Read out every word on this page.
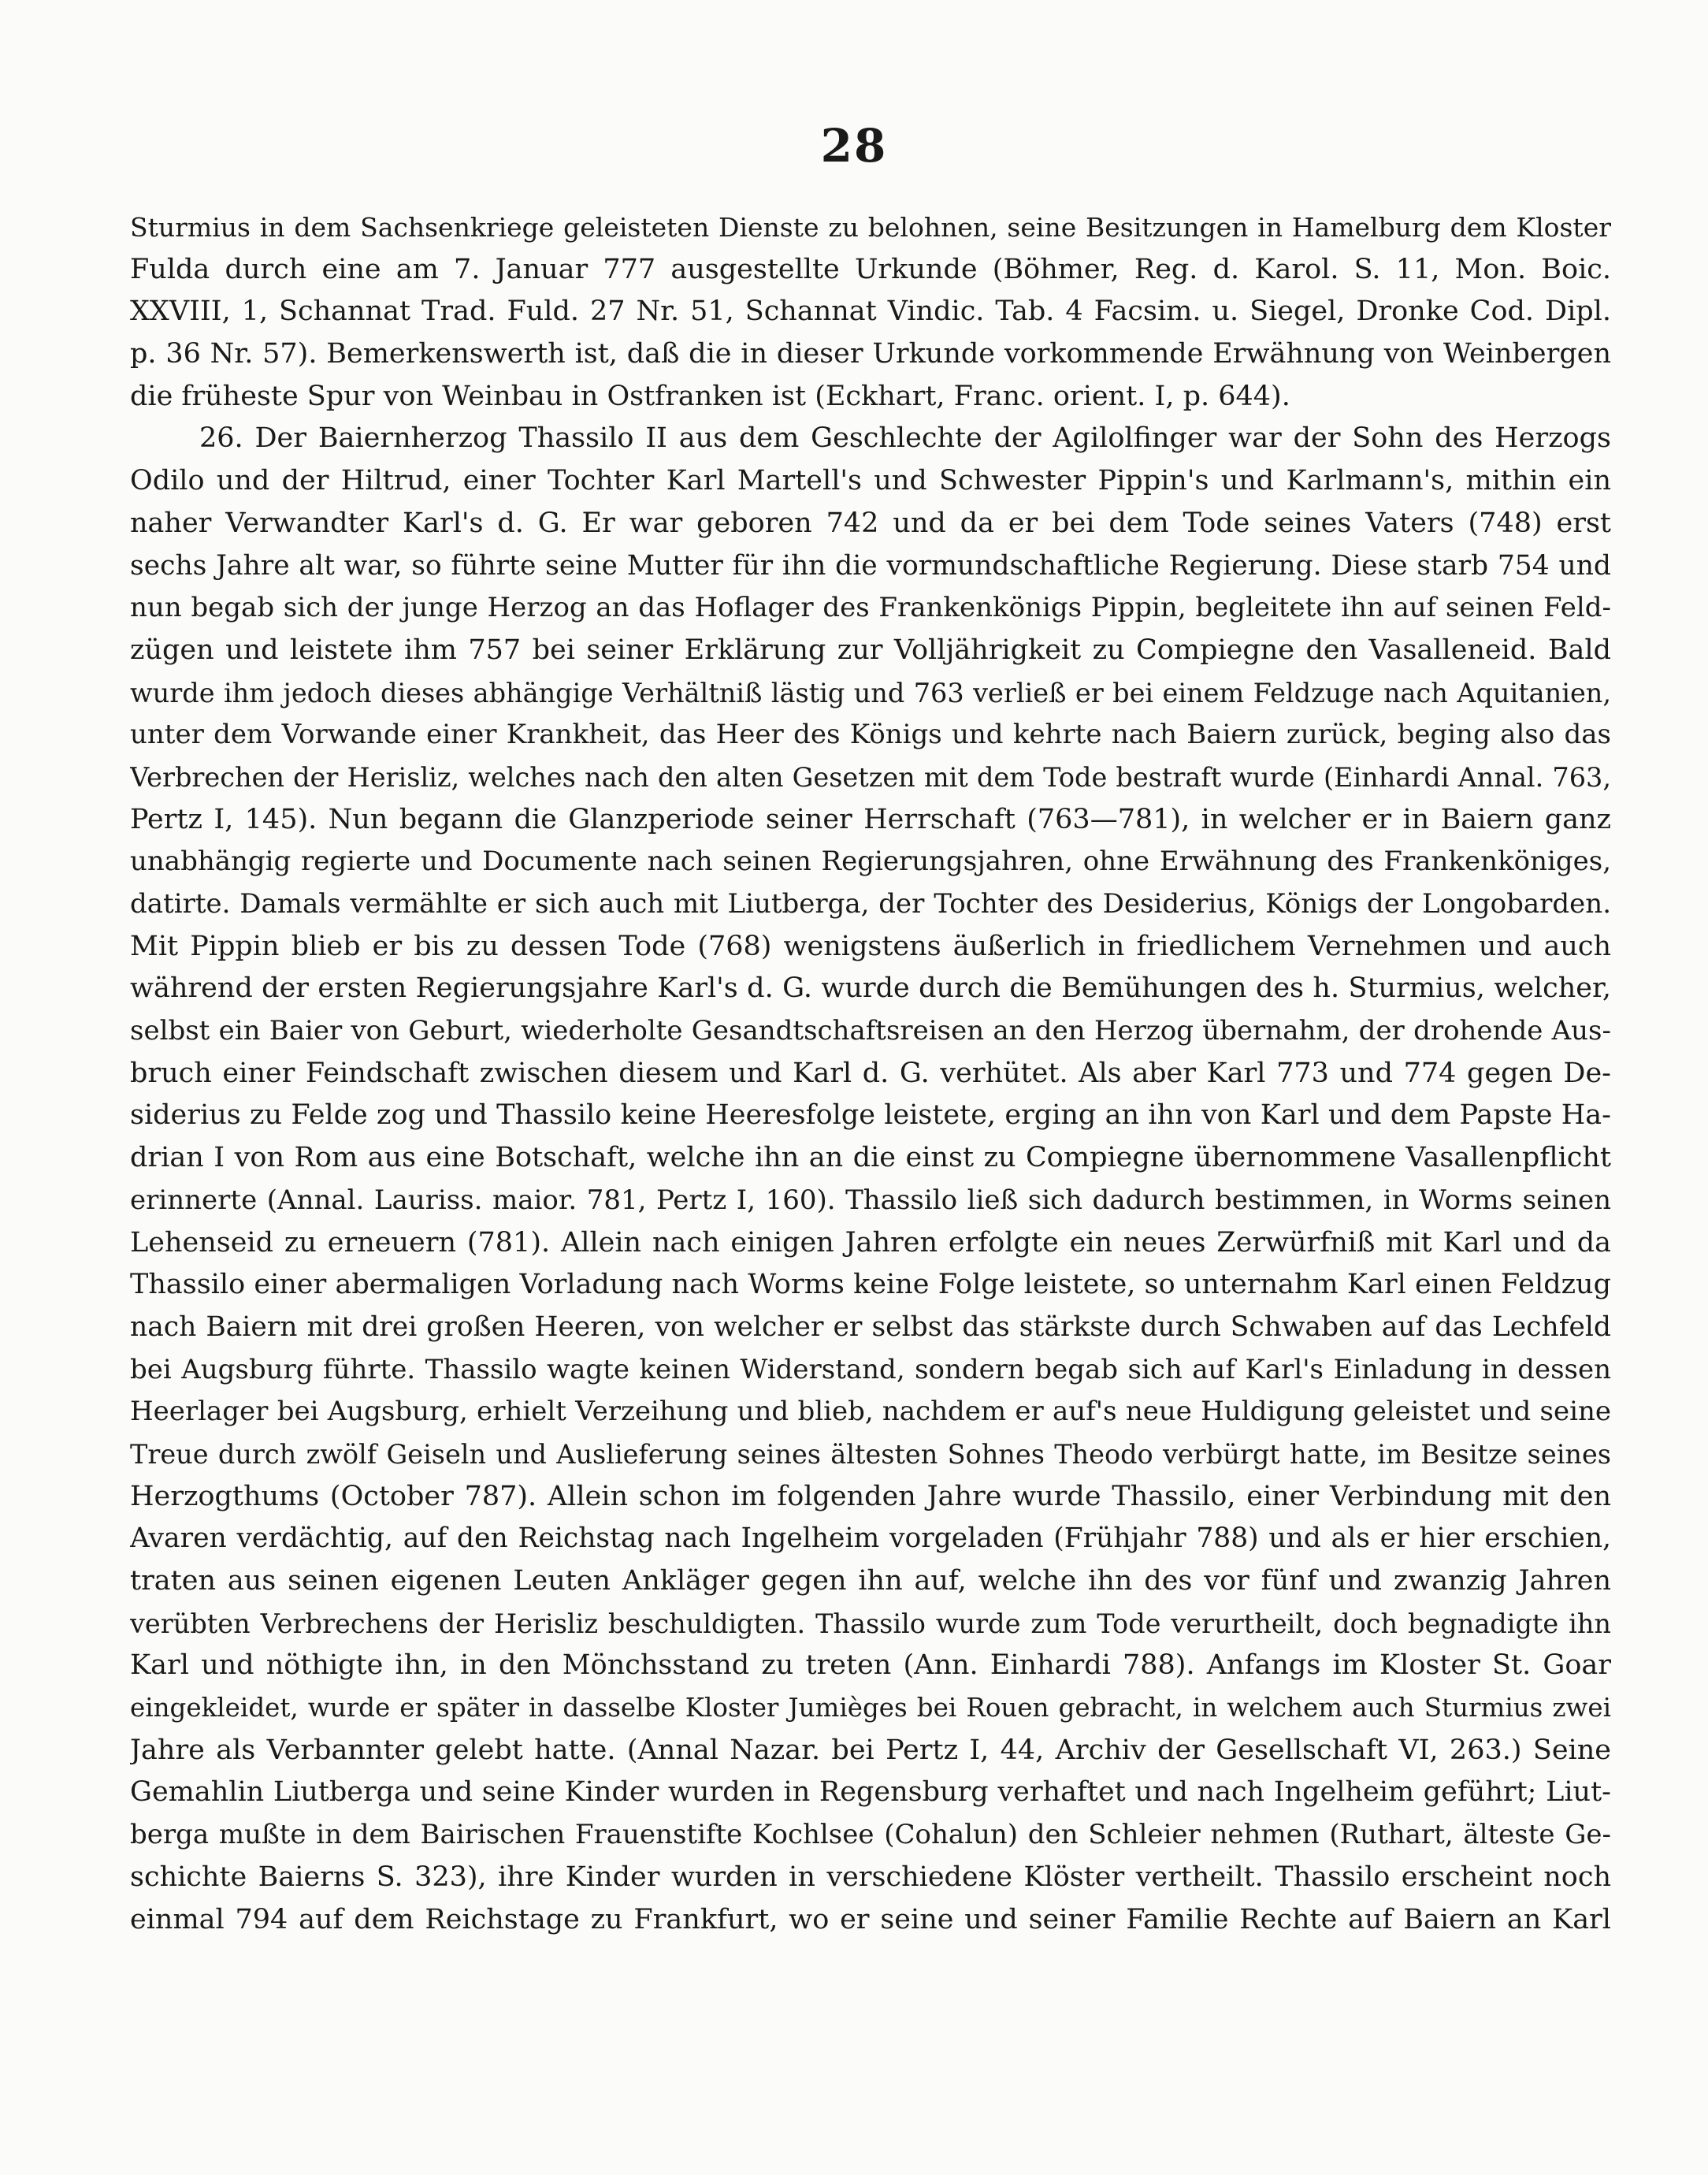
28
Sturmius in dem Sachsenkriege geleisteten Dienste zu belohnen, seine Besitzungen in Hamelburg dem Kloster
Fulda durch eine am 7. Januar 777 ausgestellte Urkunde (Böhmer, Reg. d. Karol. S. 11, Mon. Boic.
XXVIII, 1, Schannat Trad. Fuld. 27 Nr. 51, Schannat Vindic. Tab. 4 Facsim. u. Siegel, Dronke Cod. Dipl.
p. 36 Nr. 57). Bemerkenswerth ist, daß die in dieser Urkunde vorkommende Erwähnung von Weinbergen
die früheste Spur von Weinbau in Ostfranken ist (Eckhart, Franc. orient. I, p. 644).
26. Der Baiernherzog Thassilo II aus dem Geschlechte der Agilolfinger war der Sohn des Herzogs
Odilo und der Hiltrud, einer Tochter Karl Martell's und Schwester Pippin's und Karlmann's, mithin ein
naher Verwandter Karl's d. G. Er war geboren 742 und da er bei dem Tode seines Vaters (748) erst
sechs Jahre alt war, so führte seine Mutter für ihn die vormundschaftliche Regierung. Diese starb 754 und
nun begab sich der junge Herzog an das Hoflager des Frankenkönigs Pippin, begleitete ihn auf seinen Feld-
zügen und leistete ihm 757 bei seiner Erklärung zur Volljährigkeit zu Compiegne den Vasalleneid. Bald
wurde ihm jedoch dieses abhängige Verhältniß lästig und 763 verließ er bei einem Feldzuge nach Aquitanien,
unter dem Vorwande einer Krankheit, das Heer des Königs und kehrte nach Baiern zurück, beging also das
Verbrechen der Herisliz, welches nach den alten Gesetzen mit dem Tode bestraft wurde (Einhardi Annal. 763,
Pertz I, 145). Nun begann die Glanzperiode seiner Herrschaft (763—781), in welcher er in Baiern ganz
unabhängig regierte und Documente nach seinen Regierungsjahren, ohne Erwähnung des Frankenköniges,
datirte. Damals vermählte er sich auch mit Liutberga, der Tochter des Desiderius, Königs der Longobarden.
Mit Pippin blieb er bis zu dessen Tode (768) wenigstens äußerlich in friedlichem Vernehmen und auch
während der ersten Regierungsjahre Karl's d. G. wurde durch die Bemühungen des h. Sturmius, welcher,
selbst ein Baier von Geburt, wiederholte Gesandtschaftsreisen an den Herzog übernahm, der drohende Aus-
bruch einer Feindschaft zwischen diesem und Karl d. G. verhütet. Als aber Karl 773 und 774 gegen De-
siderius zu Felde zog und Thassilo keine Heeresfolge leistete, erging an ihn von Karl und dem Papste Ha-
drian I von Rom aus eine Botschaft, welche ihn an die einst zu Compiegne übernommene Vasallenpflicht
erinnerte (Annal. Lauriss. maior. 781, Pertz I, 160). Thassilo ließ sich dadurch bestimmen, in Worms seinen
Lehenseid zu erneuern (781). Allein nach einigen Jahren erfolgte ein neues Zerwürfniß mit Karl und da
Thassilo einer abermaligen Vorladung nach Worms keine Folge leistete, so unternahm Karl einen Feldzug
nach Baiern mit drei großen Heeren, von welcher er selbst das stärkste durch Schwaben auf das Lechfeld
bei Augsburg führte. Thassilo wagte keinen Widerstand, sondern begab sich auf Karl's Einladung in dessen
Heerlager bei Augsburg, erhielt Verzeihung und blieb, nachdem er auf's neue Huldigung geleistet und seine
Treue durch zwölf Geiseln und Auslieferung seines ältesten Sohnes Theodo verbürgt hatte, im Besitze seines
Herzogthums (October 787). Allein schon im folgenden Jahre wurde Thassilo, einer Verbindung mit den
Avaren verdächtig, auf den Reichstag nach Ingelheim vorgeladen (Frühjahr 788) und als er hier erschien,
traten aus seinen eigenen Leuten Ankläger gegen ihn auf, welche ihn des vor fünf und zwanzig Jahren
verübten Verbrechens der Herisliz beschuldigten. Thassilo wurde zum Tode verurtheilt, doch begnadigte ihn
Karl und nöthigte ihn, in den Mönchsstand zu treten (Ann. Einhardi 788). Anfangs im Kloster St. Goar
eingekleidet, wurde er später in dasselbe Kloster Jumièges bei Rouen gebracht, in welchem auch Sturmius zwei
Jahre als Verbannter gelebt hatte. (Annal Nazar. bei Pertz I, 44, Archiv der Gesellschaft VI, 263.) Seine
Gemahlin Liutberga und seine Kinder wurden in Regensburg verhaftet und nach Ingelheim geführt; Liut-
berga mußte in dem Bairischen Frauenstifte Kochlsee (Cohalun) den Schleier nehmen (Ruthart, älteste Ge-
schichte Baierns S. 323), ihre Kinder wurden in verschiedene Klöster vertheilt. Thassilo erscheint noch
einmal 794 auf dem Reichstage zu Frankfurt, wo er seine und seiner Familie Rechte auf Baiern an Karl
